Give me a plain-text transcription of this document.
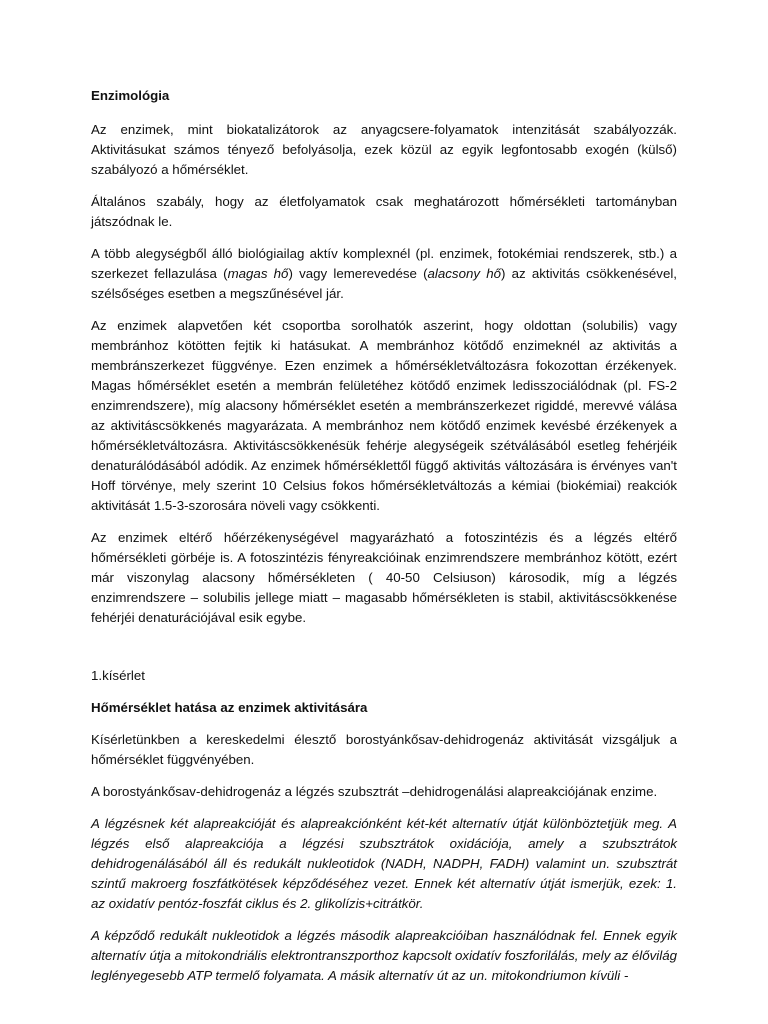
Enzimológia

Az enzimek, mint biokatalizátorok az anyagcsere-folyamatok intenzitását szabályozzák. Aktivitásukat számos tényező befolyásolja, ezek közül az egyik legfontosabb exogén (külső) szabályozó a hőmérséklet.

Általános szabály, hogy az életfolyamatok csak meghatározott hőmérsékleti tartományban játszódnak le.

A több alegységből álló biológiailag aktív komplexnél (pl. enzimek, fotokémiai rendszerek, stb.) a szerkezet fellazulása (magas hő) vagy lemerevedése (alacsony hő) az aktivitás csökkenésével, szélsőséges esetben a megszűnésével jár.

Az enzimek alapvetően két csoportba sorolhatók aszerint, hogy oldottan (solubilis) vagy membránhoz kötötten fejtik ki hatásukat. A membránhoz kötődő enzimeknél az aktivitás a membránszerkezet függvénye. Ezen enzimek a hőmérsékletváltozásra fokozottan érzékenyek. Magas hőmérséklet esetén a membrán felületéhez kötődő enzimek ledisszociálódnak (pl. FS-2 enzimrendszere), míg alacsony hőmérséklet esetén a membránszerkezet rigiddé, merevvé válása az aktivitáscsökkenés magyarázata. A membránhoz nem kötődő enzimek kevésbé érzékenyek a hőmérsékletváltozásra. Aktivitáscsökkenésük fehérje alegységeik szétválásából esetleg fehérjéik denaturálódásából adódik. Az enzimek hőmérséklettől függő aktivitás változására is érvényes van't Hoff törvénye, mely szerint 10 Celsius fokos hőmérsékletváltozás a kémiai (biokémiai) reakciók aktivitását 1.5-3-szorosára növeli vagy csökkenti.

Az enzimek eltérő hőérzékenységével magyarázható a fotoszintézis és a légzés eltérő hőmérsékleti görbéje is. A fotoszintézis fényreakcióinak enzimrendszere membránhoz kötött, ezért már viszonylag alacsony hőmérsékleten ( 40-50 Celsiuson) károsodik, míg a légzés enzimrendszere – solubilis jellege miatt – magasabb hőmérsékleten is stabil, aktivitáscsökkenése fehérjéi denaturációjával esik egybe.

1.kísérlet

Hőmérséklet hatása az enzimek aktivitására

Kísérletünkben a kereskedelmi élesztő borostyánkősav-dehidrogenáz aktivitását vizsgáljuk a hőmérséklet függvényében.

A borostyánkősav-dehidrogenáz a légzés szubsztrát –dehidrogenálási alapreakciójának enzime.

A légzésnek két alapreakcióját és alapreakciónként két-két alternatív útját különböztetjük meg. A légzés első alapreakciója a légzési szubsztrátok oxidációja, amely a szubsztrátok dehidrogenálásából áll és redukált nukleotidok (NADH, NADPH, FADH) valamint un. szubsztrát szintű makroerg foszfátkötések képződéséhez vezet. Ennek két alternatív útját ismerjük, ezek: 1. az oxidatív pentóz-foszfát ciklus és 2. glikolízis+citrátkör.

A képződő redukált nukleotidok a légzés második alapreakcióiban használódnak fel. Ennek egyik alternatív útja a mitokondriális elektrontranszporthoz kapcsolt oxidatív foszforilálás, mely az élővilág leglényegesebb ATP termelő folyamata. A másik alternatív út az un. mitokondriumon kívüli -
